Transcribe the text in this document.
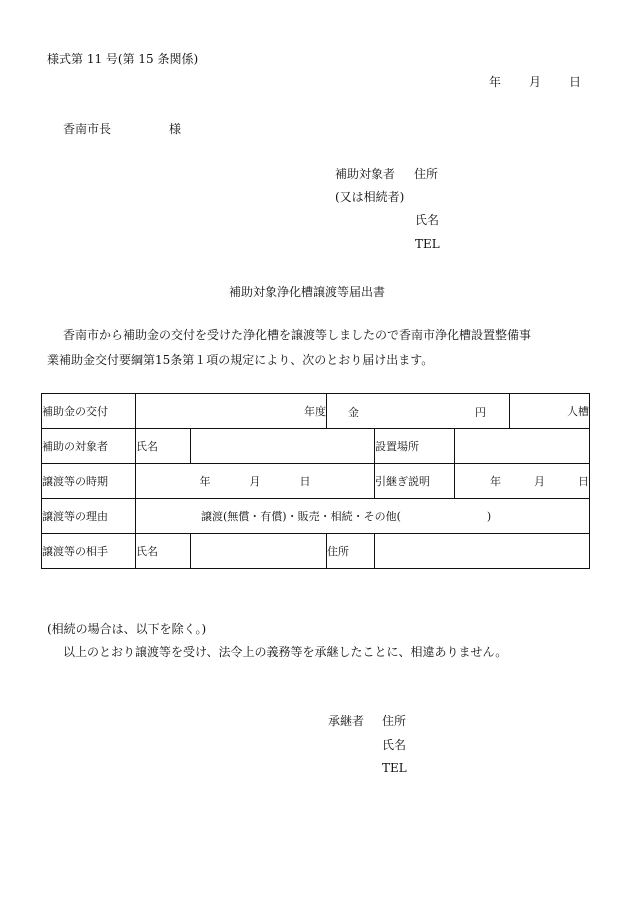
様式第 11 号(第 15 条関係)
年 月 日
香南市長	様
補助対象者 住所
(又は相続者)
氏名
TEL
補助対象浄化槽譲渡等届出書
香南市から補助金の交付を受けた浄化槽を譲渡等しましたので香南市浄化槽設置整備事
業補助金交付要綱第15条第１項の規定により、次のとおり届け出ます。
補助金の交付	年度		金 円			人槽
補助の対象者	氏名			設置場所		
譲渡等の時期	年 月 日			引継ぎ説明	年 月 日	
譲渡等の理由	譲渡(無償・有償)・販売・相続・その他( )					
譲渡等の相手	氏名		住所			
(相続の場合は、以下を除く。)
以上のとおり譲渡等を受け、法令上の義務等を承継したことに、相違ありません。
承継者 住所
氏名
TEL
